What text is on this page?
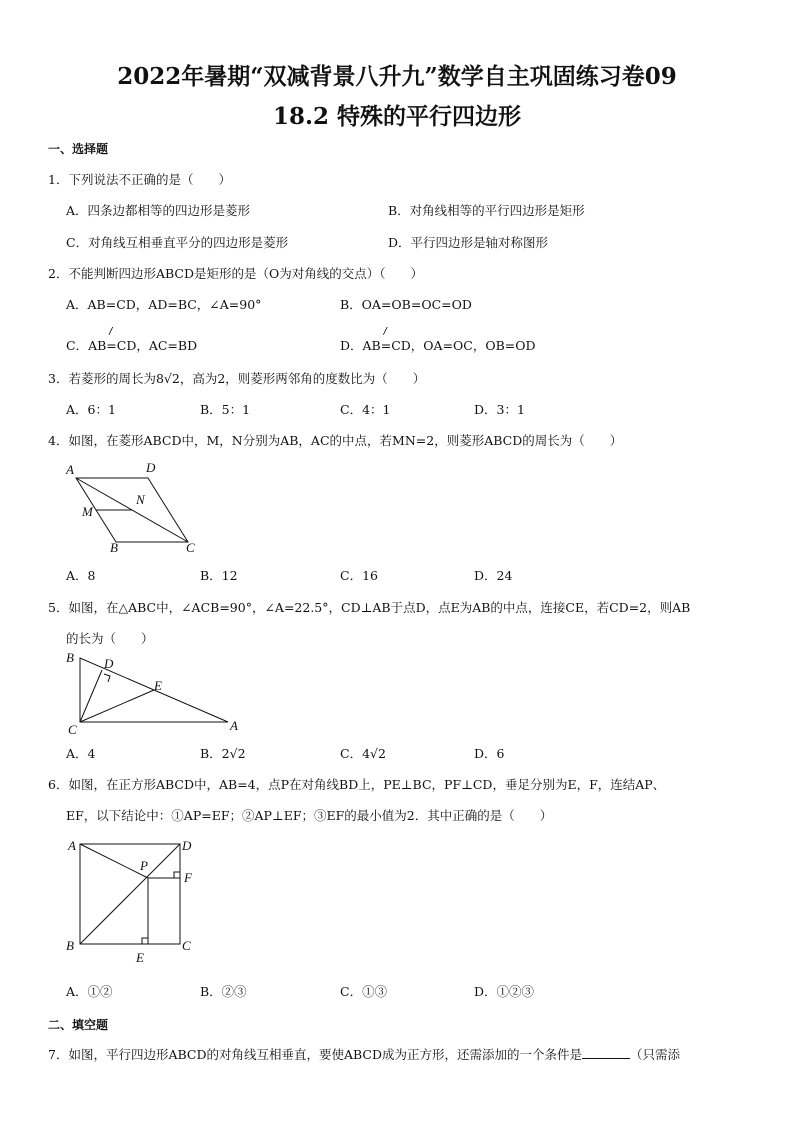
2022年暑期“双减背景八升九”数学自主巩固练习卷09
18.2 特殊的平行四边形
一、选择题
1．下列说法不正确的是（　　）
A．四条边都相等的四边形是菱形	B．对角线相等的平行四边形是矩形
C．对角线互相垂直平分的四边形是菱形	D．平行四边形是轴对称图形
2．不能判断四边形ABCD是矩形的是（O为对角线的交点）（　　）
A．AB=CD，AD=BC，∠A=90°	B．OA=OB=OC=OD
C．AB// =CD，AC=BD	D．AB// =CD，OA=OC，OB=OD
3．若菱形的周长为8√2，高为2，则菱形两邻角的度数比为（　　）
A．6：1	B．5：1	C．4：1	D．3：1
4．如图，在菱形ABCD中，M，N分别为AB，AC的中点，若MN=2，则菱形ABCD的周长为（　　）
A	D
N
M
B	C
A．8	B．12	C．16	D．24
5．如图，在△ABC中，∠ACB=90°，∠A=22.5°，CD⊥AB于点D，点E为AB的中点，连接CE，若CD=2，则AB
的长为（　　）
B D
E
C	A
A．4	B．2√2	C．4√2	D．6
6．如图，在正方形ABCD中，AB=4，点P在对角线BD上，PE⊥BC，PF⊥CD，垂足分别为E，F，连结AP、
EF，以下结论中：①AP=EF；②AP⊥EF；③EF的最小值为2．其中正确的是（　　）
A	D
P
F
B	C
E
A．①②	B．②③	C．①③	D．①②③
二、填空题
7．如图，平行四边形ABCD的对角线互相垂直，要使ABCD成为正方形，还需添加的一个条件是	（只需添
